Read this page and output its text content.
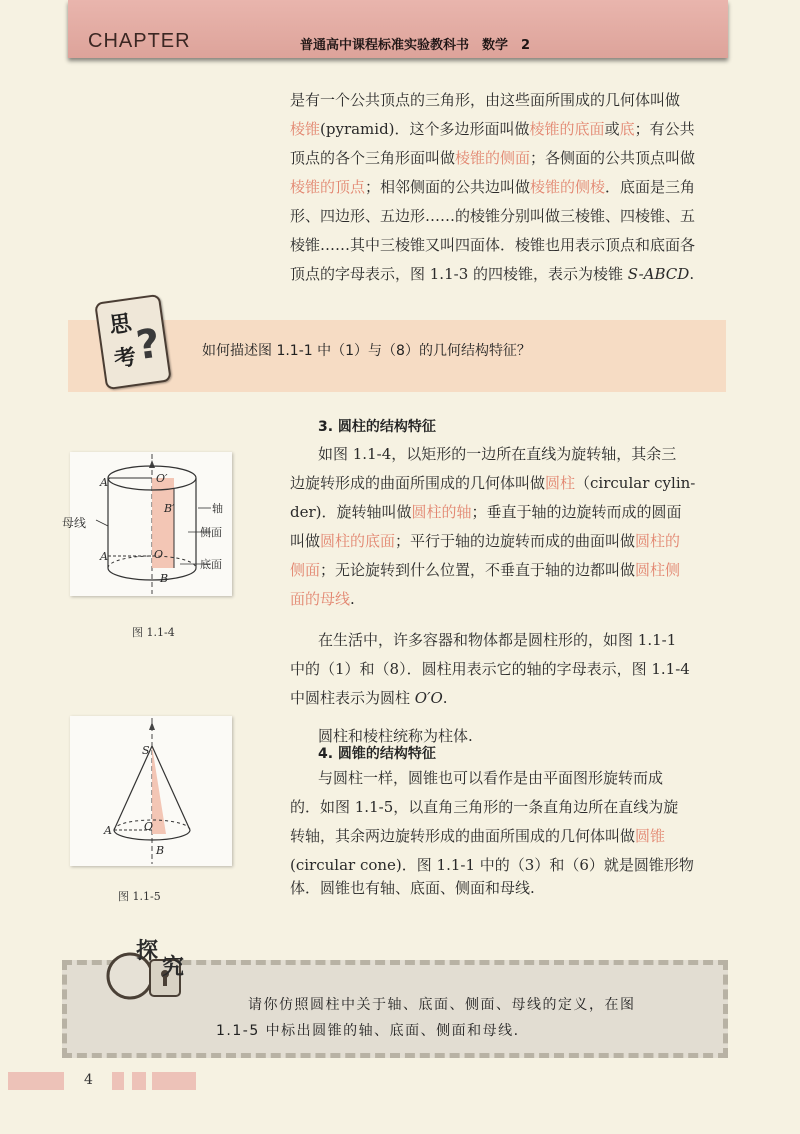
CHAPTER	普通高中课程标准实验教科书　数学　2

是有一个公共顶点的三角形，由这些面所围成的几何体叫做

棱锥(pyramid)．这个多边形面叫做棱锥的底面或底；有公共

顶点的各个三角形面叫做棱锥的侧面；各侧面的公共顶点叫做

棱锥的顶点；相邻侧面的公共边叫做棱锥的侧棱．底面是三角

形、四边形、五边形……的棱锥分别叫做三棱锥、四棱锥、五

棱锥……其中三棱锥又叫四面体．棱锥也用表示顶点和底面各

顶点的字母表示，图 1.1-3 的四棱锥，表示为棱锥 S-ABCD.

思
考
?	如何描述图 1.1-1 中（1）与（8）的几何结构特征？
3. 圆柱的结构特征

如图 1.1-4，以矩形的一边所在直线为旋转轴，其余三

边旋转形成的曲面所围成的几何体叫做圆柱（circular cylin-

der)．旋转轴叫做圆柱的轴；垂直于轴的边旋转而成的圆面

叫做圆柱的底面；平行于轴的边旋转而成的曲面叫做圆柱的

侧面；无论旋转到什么位置，不垂直于轴的边都叫做圆柱侧

面的母线.

在生活中，许多容器和物体都是圆柱形的，如图 1.1-1

中的（1）和（8）．圆柱用表示它的轴的字母表示，图 1.1-4

中圆柱表示为圆柱 O′O.

圆柱和棱柱统称为柱体.

A′	O′
B′
A	O
B
轴
侧面
底面
母线
图 1.1-4
4. 圆锥的结构特征

与圆柱一样，圆锥也可以看作是由平面图形旋转而成

的．如图 1.1-5，以直角三角形的一条直角边所在直线为旋

转轴，其余两边旋转形成的曲面所围成的几何体叫做圆锥

(circular cone)．图 1.1-1 中的（3）和（6）就是圆锥形物

体．圆锥也有轴、底面、侧面和母线.

S
A	O
B
图 1.1-5
探
究
请你仿照圆柱中关于轴、底面、侧面、母线的定义，在图
1.1-5 中标出圆锥的轴、底面、侧面和母线.
4
